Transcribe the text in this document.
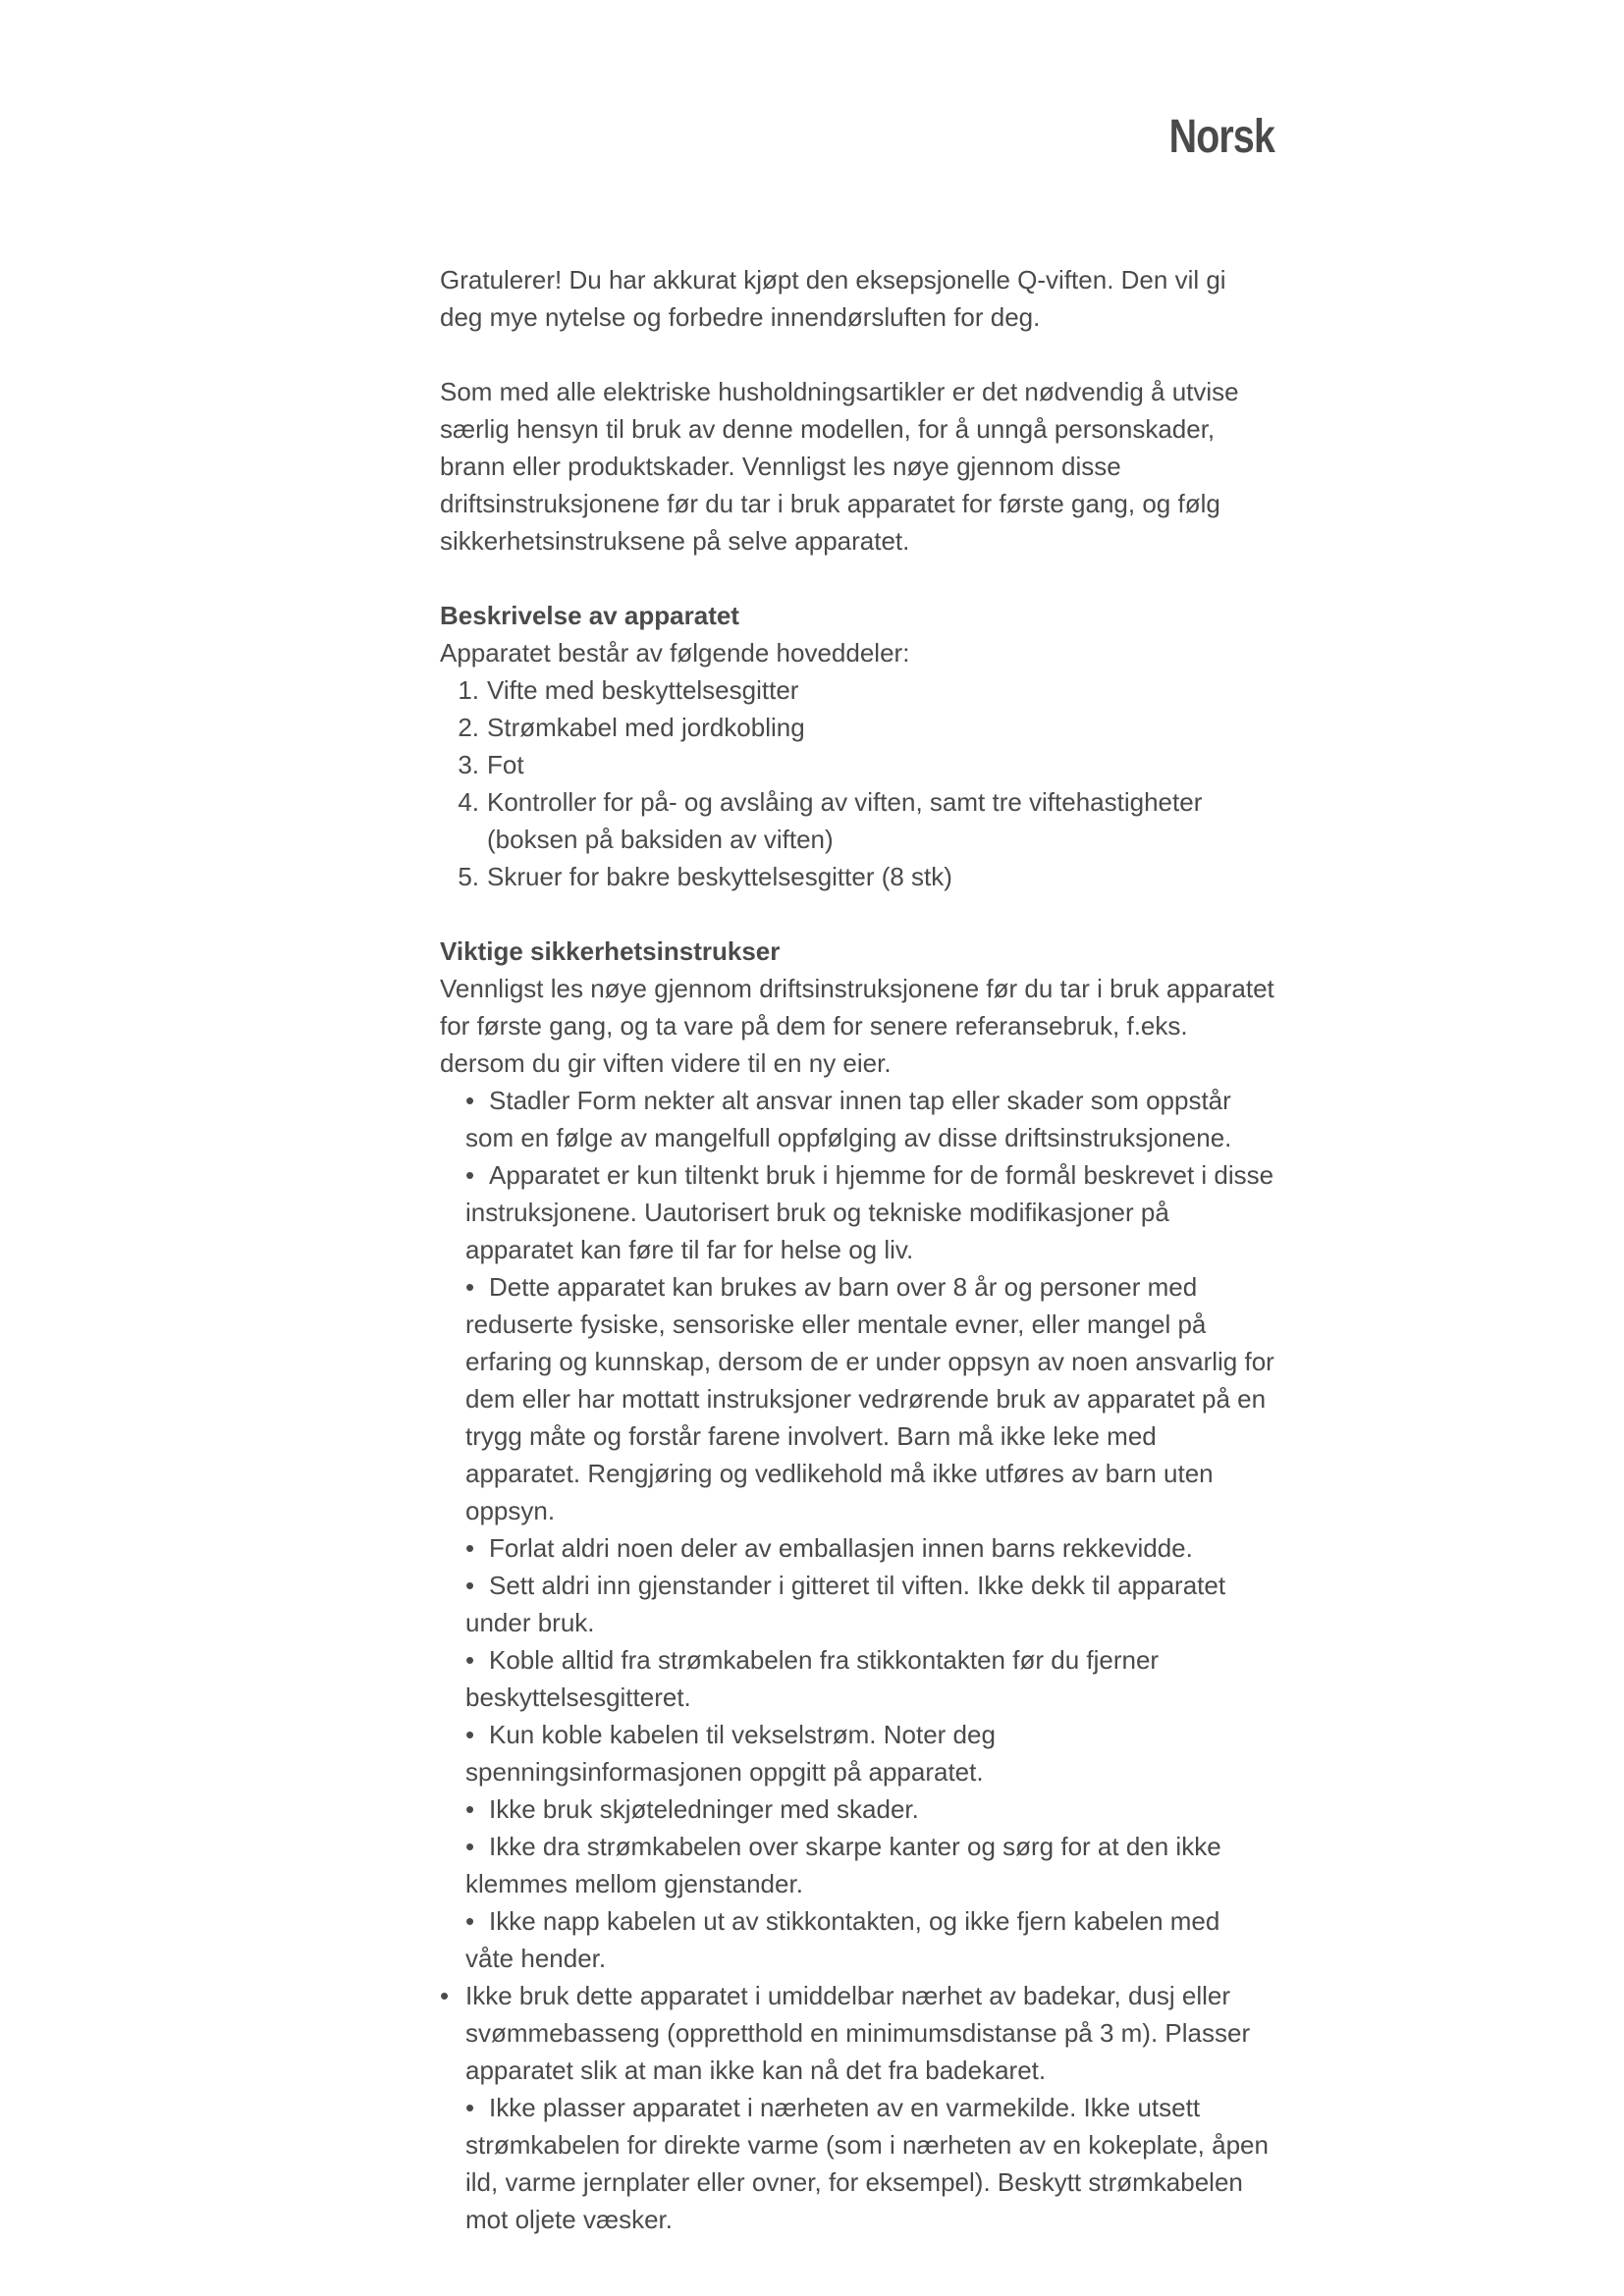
Norsk

Gratulerer! Du har akkurat kjøpt den eksepsjonelle Q-viften. Den vil gi deg mye nytelse og forbedre innendørsluften for deg.

Som med alle elektriske husholdningsartikler er det nødvendig å utvise særlig hensyn til bruk av denne modellen, for å unngå personskader, brann eller produktskader. Vennligst les nøye gjennom disse driftsinstruksjonene før du tar i bruk apparatet for første gang, og følg sikkerhetsinstruksene på selve apparatet.

Beskrivelse av apparatet

Apparatet består av følgende hoveddeler:

1. Vifte med beskyttelsesgitter
2. Strømkabel med jordkobling
3. Fot
4. Kontroller for på- og avslåing av viften, samt tre viftehastigheter (boksen på baksiden av viften)
5. Skruer for bakre beskyttelsesgitter (8 stk)

Viktige sikkerhetsinstrukser

Vennligst les nøye gjennom driftsinstruksjonene før du tar i bruk apparatet for første gang, og ta vare på dem for senere referansebruk, f.eks. dersom du gir viften videre til en ny eier.

• Stadler Form nekter alt ansvar innen tap eller skader som oppstår som en følge av mangelfull oppfølging av disse driftsinstruksjonene.
• Apparatet er kun tiltenkt bruk i hjemme for de formål beskrevet i disse instruksjonene. Uautorisert bruk og tekniske modifikasjoner på apparatet kan føre til far for helse og liv.
• Dette apparatet kan brukes av barn over 8 år og personer med reduserte fysiske, sensoriske eller mentale evner, eller mangel på erfaring og kunnskap, dersom de er under oppsyn av noen ansvarlig for dem eller har mottatt instruksjoner vedrørende bruk av apparatet på en trygg måte og forstår farene involvert. Barn må ikke leke med apparatet. Rengjøring og vedlikehold må ikke utføres av barn uten oppsyn.
• Forlat aldri noen deler av emballasjen innen barns rekkevidde.
• Sett aldri inn gjenstander i gitteret til viften. Ikke dekk til apparatet under bruk.
• Koble alltid fra strømkabelen fra stikkontakten før du fjerner beskyttelsesgitteret.
• Kun koble kabelen til vekselstrøm. Noter deg spenningsinformasjonen oppgitt på apparatet.
• Ikke bruk skjøteledninger med skader.
• Ikke dra strømkabelen over skarpe kanter og sørg for at den ikke klemmes mellom gjenstander.
• Ikke napp kabelen ut av stikkontakten, og ikke fjern kabelen med våte hender.
• Ikke bruk dette apparatet i umiddelbar nærhet av badekar, dusj eller svømmebasseng (oppretthold en minimumsdistanse på 3 m). Plasser apparatet slik at man ikke kan nå det fra badekaret.
• Ikke plasser apparatet i nærheten av en varmekilde. Ikke utsett strømkabelen for direkte varme (som i nærheten av en kokeplate, åpen ild, varme jernplater eller ovner, for eksempel). Beskytt strømkabelen mot oljete væsker.
